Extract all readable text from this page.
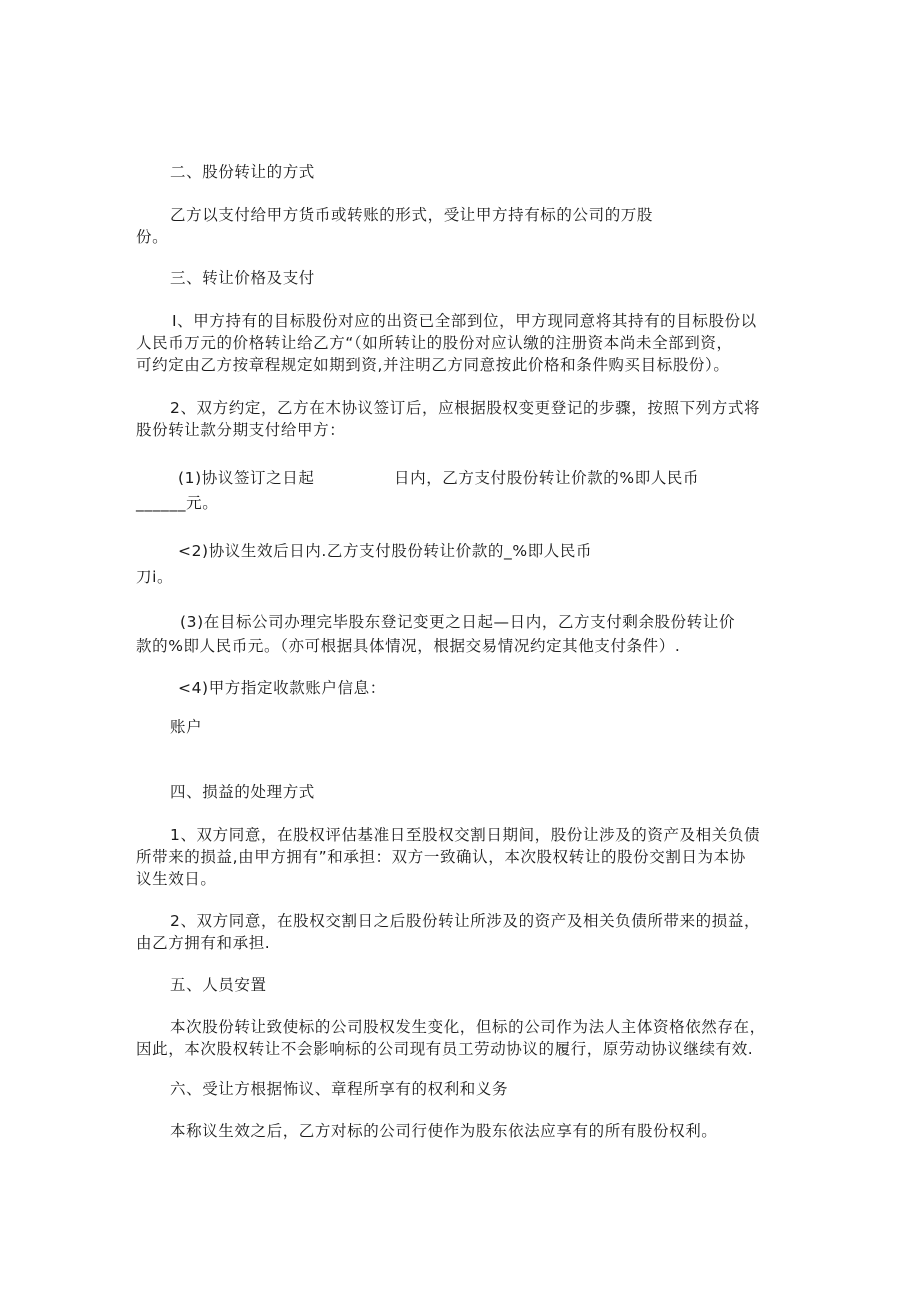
二、股份转让的方式
乙方以支付给甲方货币或转账的形式，受让甲方持有标的公司的万股
份。
三、转让价格及支付
I、甲方持有的目标股份对应的出资已全部到位，甲方现同意将其持有的目标股份以
人民币万元的价格转让给乙方“（如所转让的股份对应认缴的注册资本尚未全部到资，
可约定由乙方按章程规定如期到资,并注明乙方同意按此价格和条件购买目标股份）。
2、双方约定，乙方在木协议签订后，应根据股权变更登记的步骤，按照下列方式将
股份转让款分期支付给甲方：
(1)协议签订之日起	日内，乙方支付股份转让价款的%即人民币
______元。
<2)协议生效后日内.乙方支付股份转让价款的_%即人民币
刀i。
(3)在目标公司办理完毕股东登记变更之日起—日内，乙方支付剩余股份转让价
款的%即人民币元。（亦可根据具体情况，根据交易情况约定其他支付条件）.
<4)甲方指定收款账户信息：
账户
四、损益的处理方式
1、双方同意，在股权评估基准日至股权交割日期间，股份让涉及的资产及相关负债
所带来的损益,由甲方拥有”和承担：双方一致确认，本次股权转让的股份交割日为本协
议生效日。
2、双方同意，在股权交割日之后股份转让所涉及的资产及相关负债所带来的损益，
由乙方拥有和承担.
五、人员安置
本次股份转让致使标的公司股权发生变化，但标的公司作为法人主体资格依然存在，
因此，本次股权转让不会影响标的公司现有员工劳动协议的履行，原劳动协议继续有效.
六、受让方根据怖议、章程所享有的权利和义务
本称议生效之后，乙方对标的公司行使作为股东依法应享有的所有股份权利。
